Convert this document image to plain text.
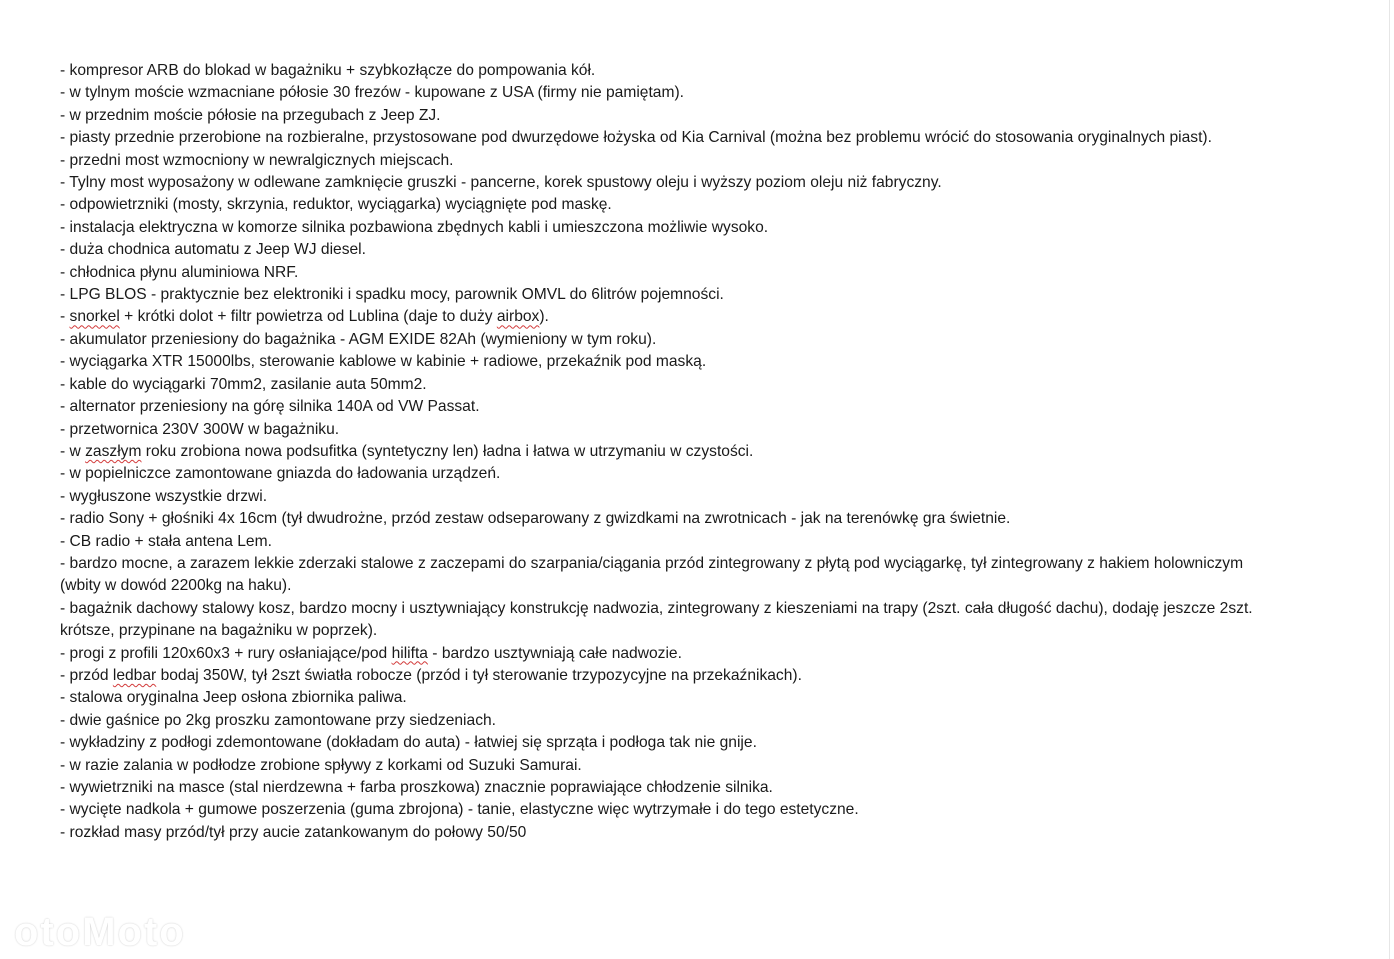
- kompresor ARB do blokad w bagażniku + szybkozłącze do pompowania kół.
- w tylnym moście wzmacniane półosie 30 frezów - kupowane z USA (firmy nie pamiętam).
- w przednim moście półosie na przegubach z Jeep ZJ.
- piasty przednie przerobione na rozbieralne, przystosowane pod dwurzędowe łożyska od Kia Carnival (można bez problemu wrócić do stosowania oryginalnych piast).
- przedni most wzmocniony w newralgicznych miejscach.
- Tylny most wyposażony w odlewane zamknięcie gruszki - pancerne, korek spustowy oleju i wyższy poziom oleju niż fabryczny.
- odpowietrzniki (mosty, skrzynia, reduktor, wyciągarka) wyciągnięte pod maskę.
- instalacja elektryczna w komorze silnika pozbawiona zbędnych kabli i umieszczona możliwie wysoko.
- duża chodnica automatu z Jeep WJ diesel.
- chłodnica płynu aluminiowa NRF.
- LPG BLOS - praktycznie bez elektroniki i spadku mocy, parownik OMVL do 6litrów pojemności.
- snorkel + krótki dolot + filtr powietrza od Lublina (daje to duży airbox).
- akumulator przeniesiony do bagażnika - AGM EXIDE 82Ah (wymieniony w tym roku).
- wyciągarka XTR 15000lbs, sterowanie kablowe w kabinie + radiowe, przekaźnik pod maską.
- kable do wyciągarki 70mm2, zasilanie auta 50mm2.
- alternator przeniesiony na górę silnika 140A od VW Passat.
- przetwornica 230V 300W w bagażniku.
- w zaszłym roku zrobiona nowa podsufitka (syntetyczny len) ładna i łatwa w utrzymaniu w czystości.
- w popielniczce zamontowane gniazda do ładowania urządzeń.
- wygłuszone wszystkie drzwi.
- radio Sony + głośniki 4x 16cm (tył dwudrożne, przód zestaw odseparowany z gwizdkami na zwrotnicach - jak na terenówkę gra świetnie.
- CB radio + stała antena Lem.
- bardzo mocne, a zarazem lekkie zderzaki stalowe z zaczepami do szarpania/ciągania przód zintegrowany z płytą pod wyciągarkę, tył zintegrowany z hakiem holowniczym
(wbity w dowód 2200kg na haku).
- bagażnik dachowy stalowy kosz, bardzo mocny i usztywniający konstrukcję nadwozia, zintegrowany z kieszeniami na trapy (2szt. cała długość dachu), dodaję jeszcze 2szt.
krótsze, przypinane na bagażniku w poprzek).
- progi z profili 120x60x3 + rury osłaniające/pod hilifta - bardzo usztywniają całe nadwozie.
- przód ledbar bodaj 350W, tył 2szt światła robocze (przód i tył sterowanie trzypozycyjne na przekaźnikach).
- stalowa oryginalna Jeep osłona zbiornika paliwa.
- dwie gaśnice po 2kg proszku zamontowane przy siedzeniach.
- wykładziny z podłogi zdemontowane (dokładam do auta) - łatwiej się sprząta i podłoga tak nie gnije.
- w razie zalania w podłodze zrobione spływy z korkami od Suzuki Samurai.
- wywietrzniki na masce (stal nierdzewna + farba proszkowa) znacznie poprawiające chłodzenie silnika.
- wycięte nadkola + gumowe poszerzenia (guma zbrojona) - tanie, elastyczne więc wytrzymałe i do tego estetyczne.
- rozkład masy przód/tył przy aucie zatankowanym do połowy 50/50
otoMoto
